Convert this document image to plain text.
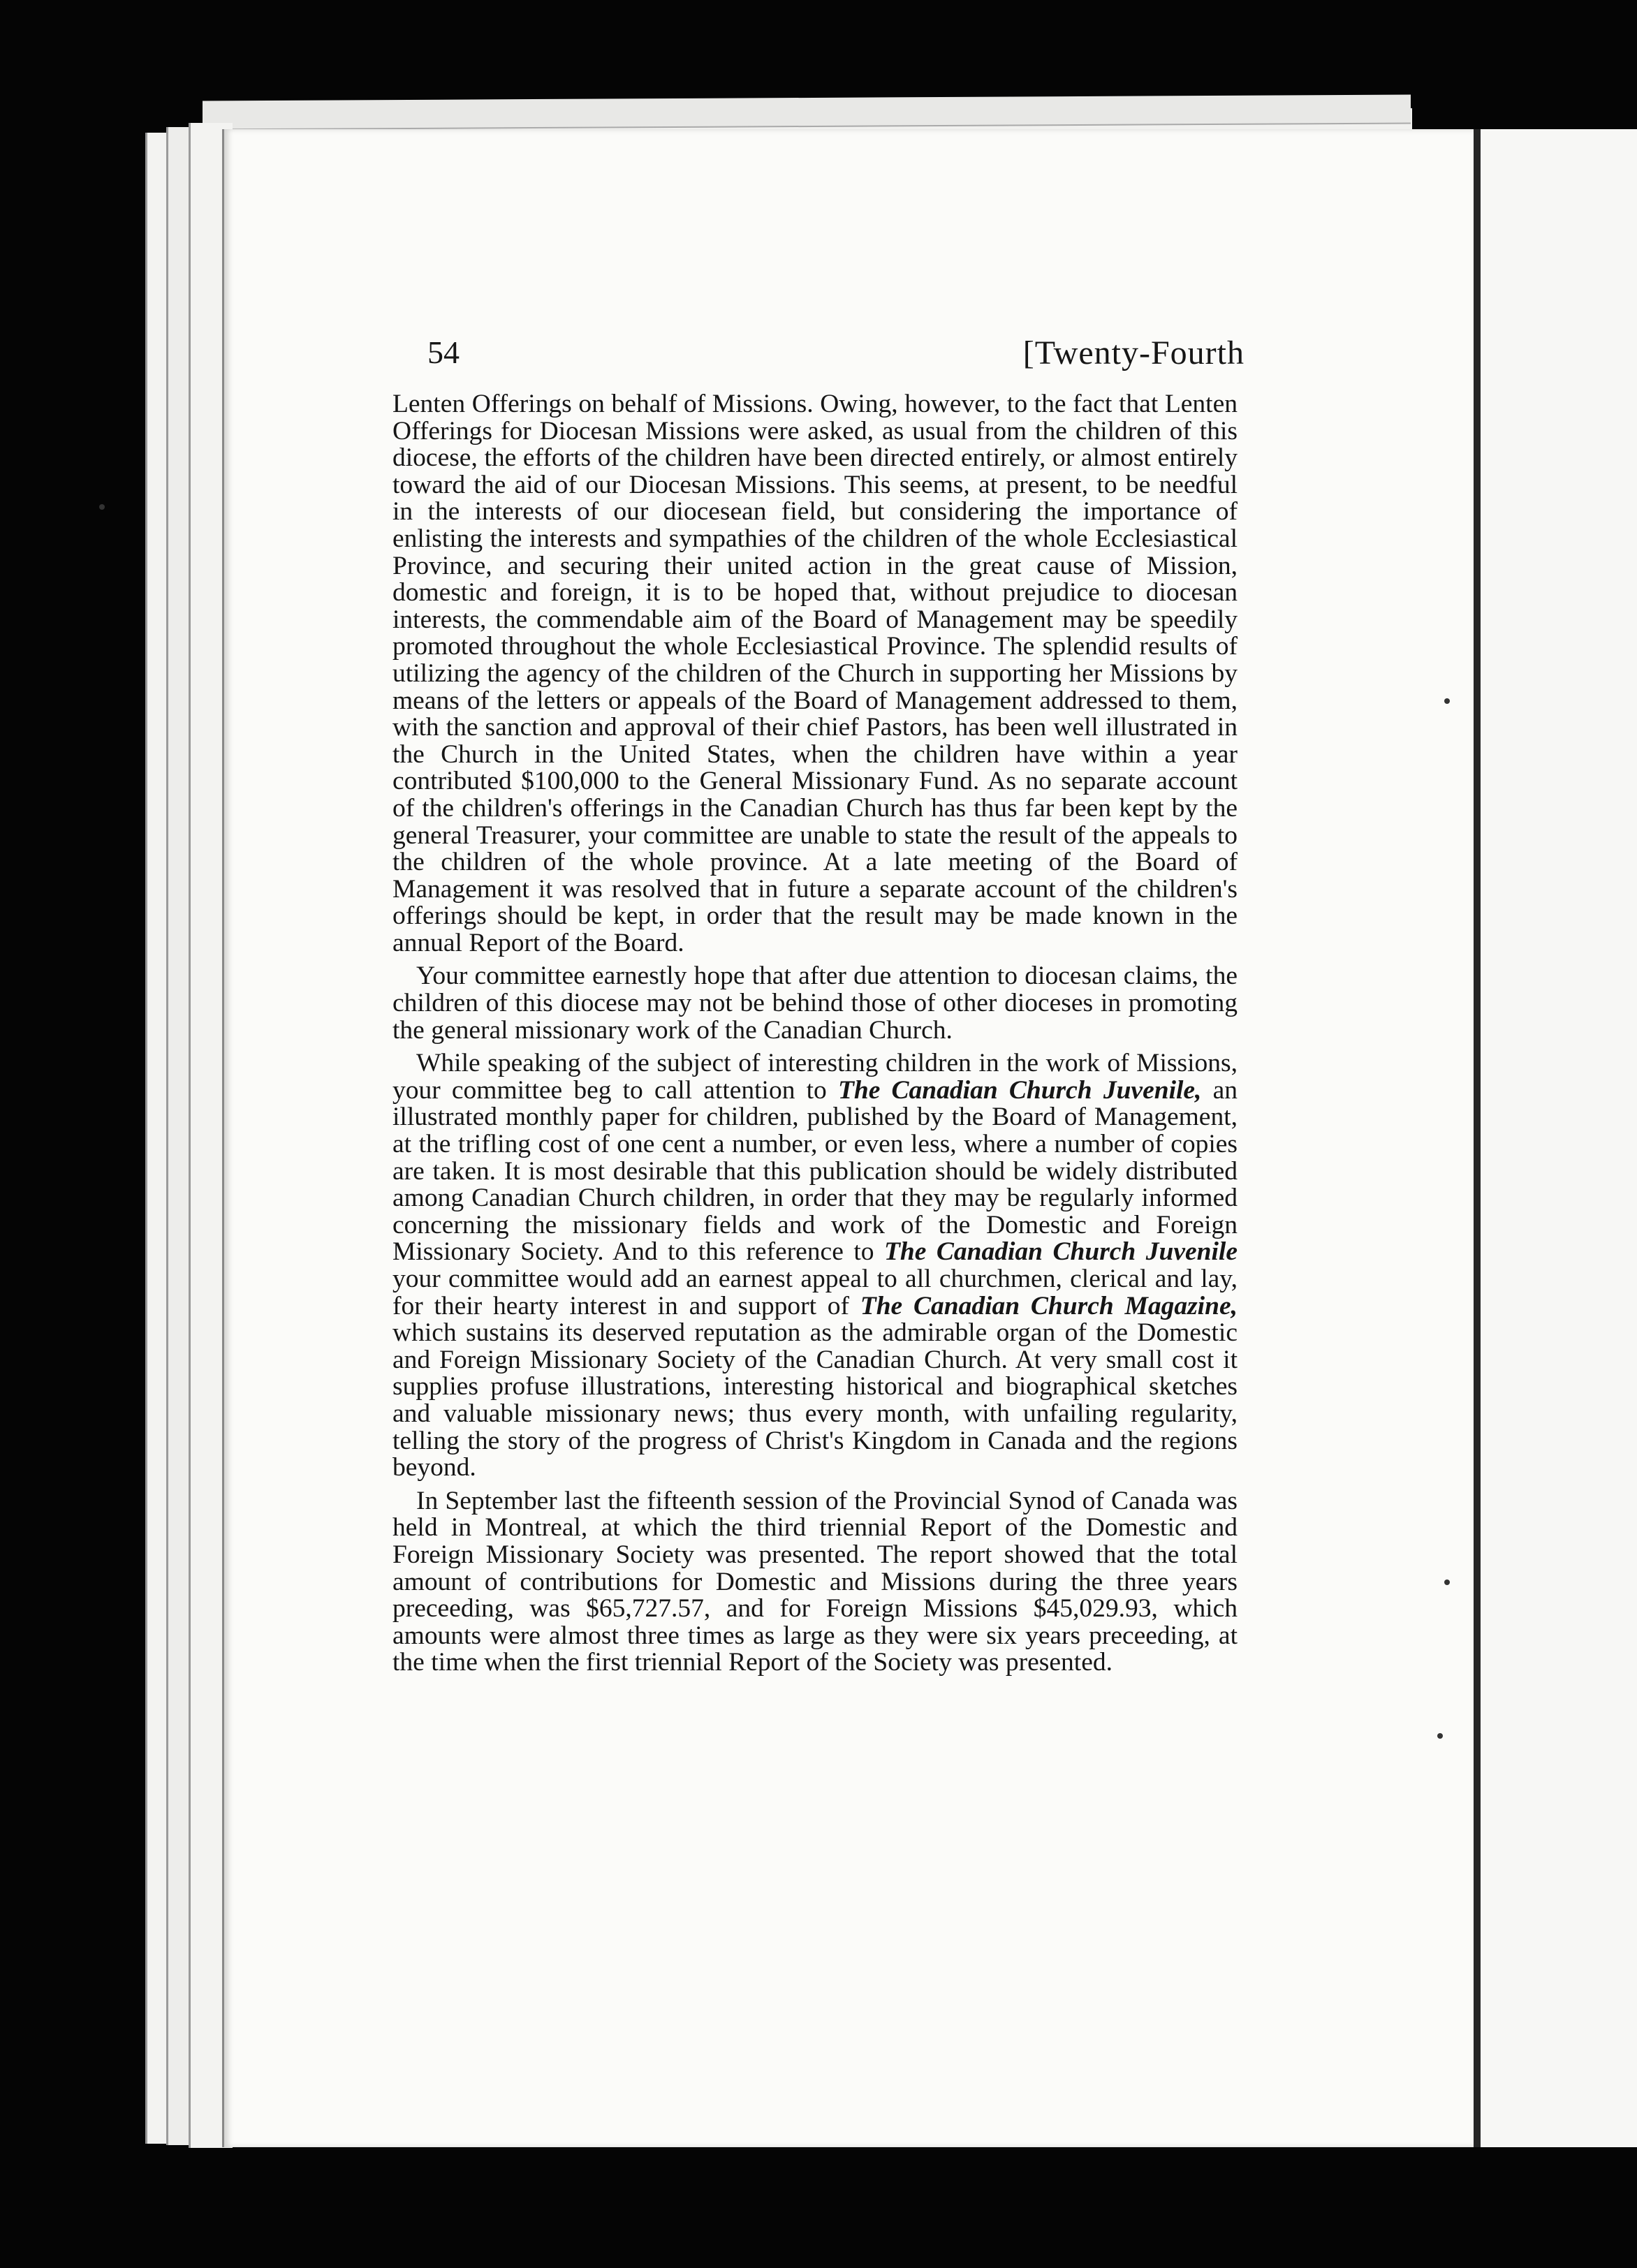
54	[Twenty-Fourth

Lenten Offerings on behalf of Missions. Owing, however, to the fact that Lenten Offerings for Diocesan Missions were asked, as usual from the children of this diocese, the efforts of the children have been directed entirely, or almost entirely toward the aid of our Diocesan Missions. This seems, at present, to be needful in the interests of our diocesean field, but considering the importance of enlisting the interests and sympathies of the children of the whole Ecclesiastical Province, and securing their united action in the great cause of Mission, domestic and foreign, it is to be hoped that, without prejudice to diocesan interests, the commendable aim of the Board of Management may be speedily promoted throughout the whole Ecclesiastical Province. The splendid results of utilizing the agency of the children of the Church in supporting her Missions by means of the letters or appeals of the Board of Management addressed to them, with the sanction and approval of their chief Pastors, has been well illustrated in the Church in the United States, when the children have within a year contributed $100,000 to the General Missionary Fund. As no separate account of the children's offerings in the Canadian Church has thus far been kept by the general Treasurer, your committee are unable to state the result of the appeals to the children of the whole province. At a late meeting of the Board of Management it was resolved that in future a separate account of the children's offerings should be kept, in order that the result may be made known in the annual Report of the Board.

Your committee earnestly hope that after due attention to diocesan claims, the children of this diocese may not be behind those of other dioceses in promoting the general missionary work of the Canadian Church.

While speaking of the subject of interesting children in the work of Missions, your committee beg to call attention to The Canadian Church Juvenile, an illustrated monthly paper for children, published by the Board of Management, at the trifling cost of one cent a number, or even less, where a number of copies are taken. It is most desirable that this publication should be widely distributed among Canadian Church children, in order that they may be regularly informed concerning the missionary fields and work of the Domestic and Foreign Missionary Society. And to this reference to The Canadian Church Juvenile your committee would add an earnest appeal to all churchmen, clerical and lay, for their hearty interest in and support of The Canadian Church Magazine, which sustains its deserved reputation as the admirable organ of the Domestic and Foreign Missionary Society of the Canadian Church. At very small cost it supplies profuse illustrations, interesting historical and biographical sketches and valuable missionary news; thus every month, with unfailing regularity, telling the story of the progress of Christ's Kingdom in Canada and the regions beyond.

In September last the fifteenth session of the Provincial Synod of Canada was held in Montreal, at which the third triennial Report of the Domestic and Foreign Missionary Society was presented. The report showed that the total amount of contributions for Domestic and Missions during the three years preceeding, was $65,727.57, and for Foreign Missions $45,029.93, which amounts were almost three times as large as they were six years preceeding, at the time when the first triennial Report of the Society was presented.
